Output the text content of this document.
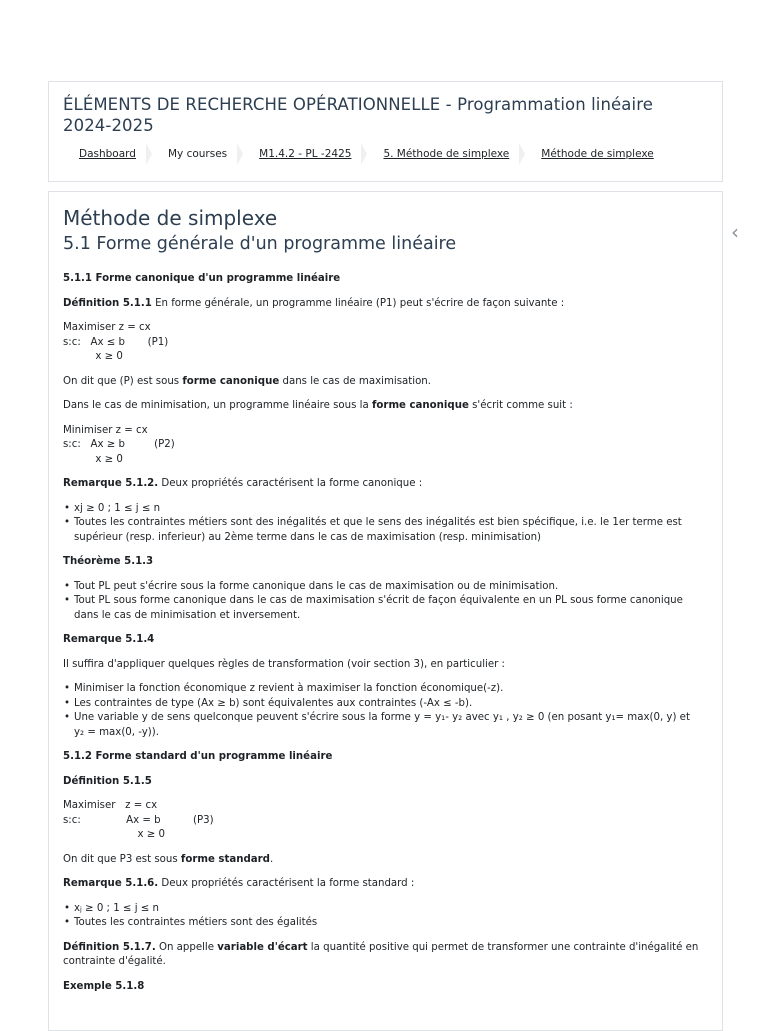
ÉLÉMENTS DE RECHERCHE OPÉRATIONNELLE - Programmation linéaire 2024-2025
Dashboard	My courses	M1.4.2 - PL -2425	5. Méthode de simplexe	Méthode de simplexe
‹
Méthode de simplexe
5.1 Forme générale d'un programme linéaire

5.1.1 Forme canonique d'un programme linéaire

Définition 5.1.1 En forme générale, un programme linéaire (P1) peut s'écrire de façon suivante :

Maximiser z = cx
s:c:   Ax ≤ b       (P1)
x ≥ 0

On dit que (P) est sous forme canonique dans le cas de maximisation.

Dans le cas de minimisation, un programme linéaire sous la forme canonique s'écrit comme suit :

Minimiser z = cx
s:c:   Ax ≥ b         (P2)
x ≥ 0

Remarque 5.1.2. Deux propriétés caractérisent la forme canonique :

• xj ≥ 0 ; 1 ≤ j ≤ n
• Toutes les contraintes métiers sont des inégalités et que le sens des inégalités est bien spécifique, i.e. le 1er terme est supérieur (resp. inferieur) au 2ème terme dans le cas de maximisation (resp. minimisation)

Théorème 5.1.3

• Tout PL peut s'écrire sous la forme canonique dans le cas de maximisation ou de minimisation.
• Tout PL sous forme canonique dans le cas de maximisation s'écrit de façon équivalente en un PL sous forme canonique dans le cas de minimisation et inversement.

Remarque 5.1.4

Il suffira d'appliquer quelques règles de transformation (voir section 3), en particulier :

• Minimiser la fonction économique z revient à maximiser la fonction économique(-z).
• Les contraintes de type (Ax ≥ b) sont équivalentes aux contraintes (-Ax ≤ -b).
• Une variable y de sens quelconque peuvent s'écrire sous la forme y = y₁- y₂ avec y₁ , y₂ ≥ 0 (en posant y₁= max(0, y) et y₂ = max(0, -y)).

5.1.2 Forme standard d'un programme linéaire

Définition 5.1.5

Maximiser   z = cx
s:c:              Ax = b          (P3)
x ≥ 0

On dit que P3 est sous forme standard.

Remarque 5.1.6. Deux propriétés caractérisent la forme standard :

• xⱼ ≥ 0 ; 1 ≤ j ≤ n
• Toutes les contraintes métiers sont des égalités

Définition 5.1.7. On appelle variable d'écart la quantité positive qui permet de transformer une contrainte d'inégalité en contrainte d'égalité.

Exemple 5.1.8
